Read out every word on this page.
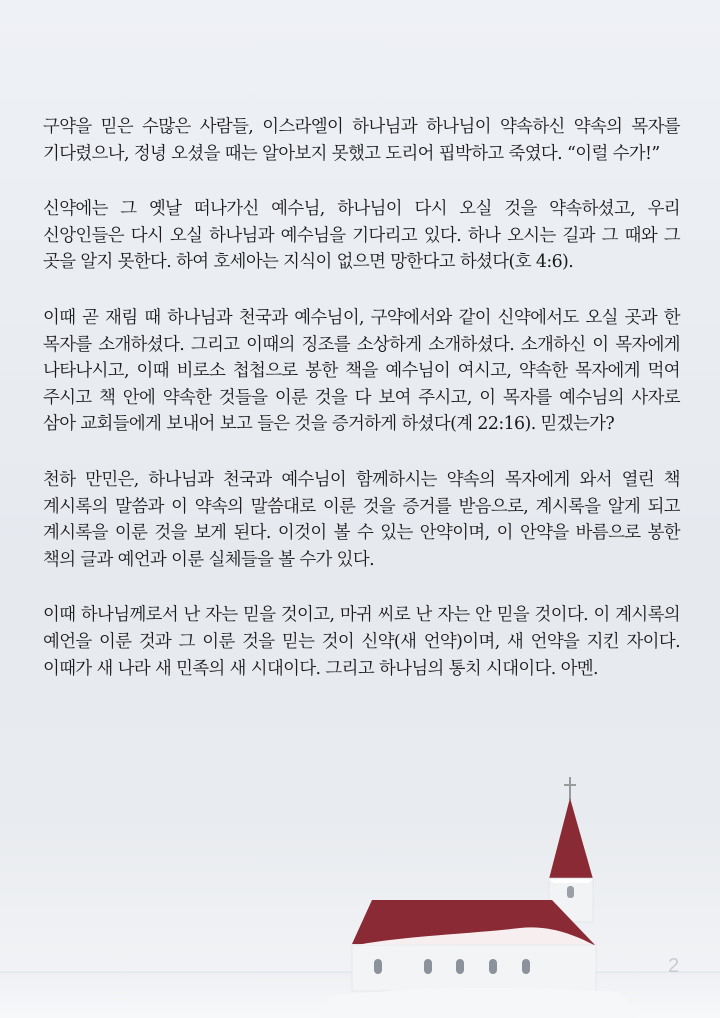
구약을 믿은 수많은 사람들, 이스라엘이 하나님과 하나님이 약속하신 약속의 목자를 기다렸으나, 정녕 오셨을 때는 알아보지 못했고 도리어 핍박하고 죽였다. “이럴 수가!”

신약에는 그 옛날 떠나가신 예수님, 하나님이 다시 오실 것을 약속하셨고, 우리 신앙인들은 다시 오실 하나님과 예수님을 기다리고 있다. 하나 오시는 길과 그 때와 그 곳을 알지 못한다. 하여 호세아는 지식이 없으면 망한다고 하셨다(호 4:6).

이때 곧 재림 때 하나님과 천국과 예수님이, 구약에서와 같이 신약에서도 오실 곳과 한 목자를 소개하셨다. 그리고 이때의 징조를 소상하게 소개하셨다. 소개하신 이 목자에게 나타나시고, 이때 비로소 첩첩으로 봉한 책을 예수님이 여시고, 약속한 목자에게 먹여 주시고 책 안에 약속한 것들을 이룬 것을 다 보여 주시고, 이 목자를 예수님의 사자로 삼아 교회들에게 보내어 보고 들은 것을 증거하게 하셨다(계 22:16). 믿겠는가?

천하 만민은, 하나님과 천국과 예수님이 함께하시는 약속의 목자에게 와서 열린 책 계시록의 말씀과 이 약속의 말씀대로 이룬 것을 증거를 받음으로, 계시록을 알게 되고 계시록을 이룬 것을 보게 된다. 이것이 볼 수 있는 안약이며, 이 안약을 바름으로 봉한 책의 글과 예언과 이룬 실체들을 볼 수가 있다.

이때 하나님께로서 난 자는 믿을 것이고, 마귀 씨로 난 자는 안 믿을 것이다. 이 계시록의 예언을 이룬 것과 그 이룬 것을 믿는 것이 신약(새 언약)이며, 새 언약을 지킨 자이다. 이때가 새 나라 새 민족의 새 시대이다. 그리고 하나님의 통치 시대이다. 아멘.

2
